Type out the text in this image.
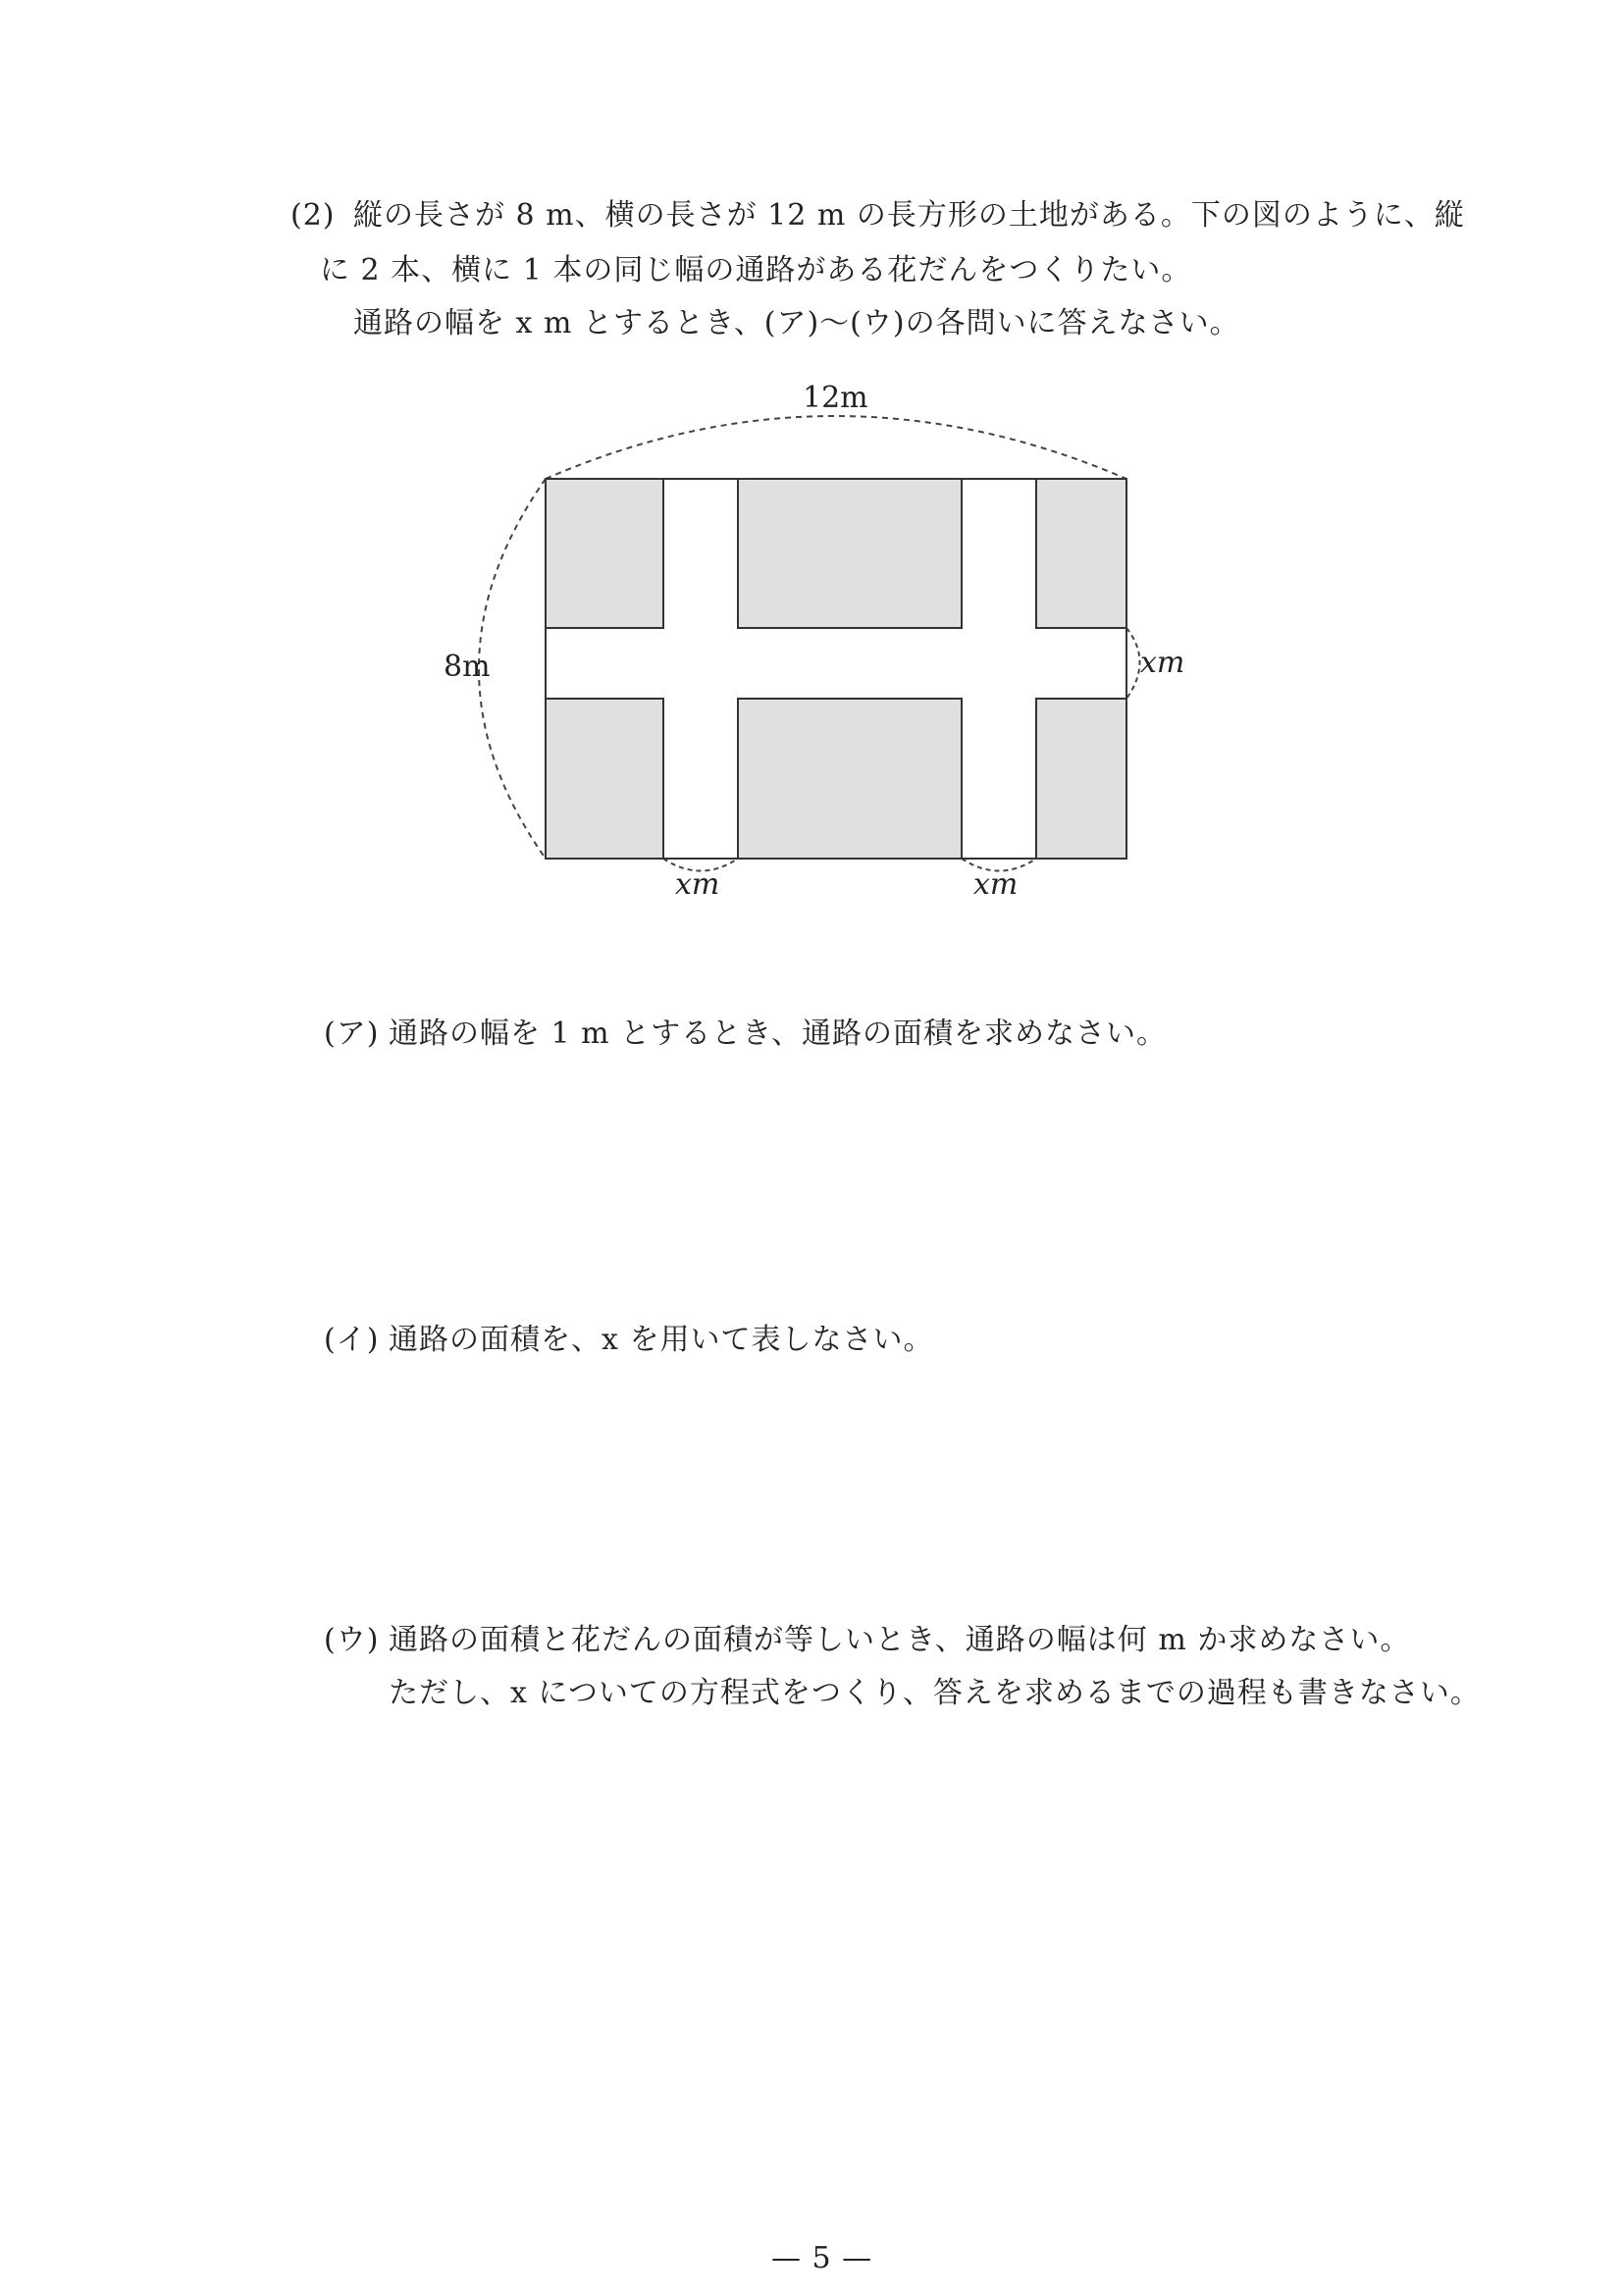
(2) 縦の長さが 8 m、横の長さが 12 m の長方形の土地がある。下の図のように、縦
に 2 本、横に 1 本の同じ幅の通路がある花だんをつくりたい。
通路の幅を x m とするとき、(ア)〜(ウ)の各問いに答えなさい。
12m
8m	xm
xm	xm
(ア) 通路の幅を 1 m とするとき、通路の面積を求めなさい。
(イ) 通路の面積を、x を用いて表しなさい。
(ウ) 通路の面積と花だんの面積が等しいとき、通路の幅は何 m か求めなさい。
ただし、x についての方程式をつくり、答えを求めるまでの過程も書きなさい。
— 5 —
